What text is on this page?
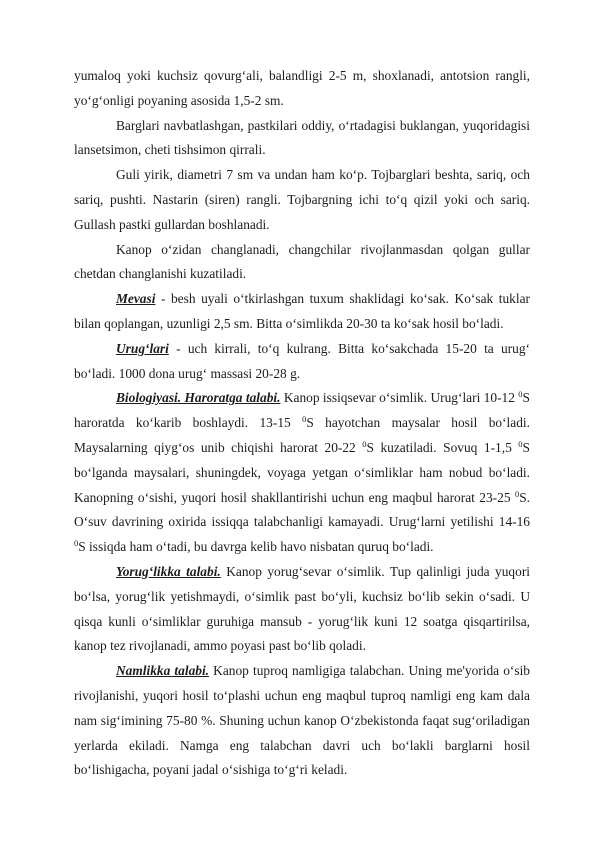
yumaloq yoki kuchsiz qovurg‘ali, balandligi 2-5 m, shoxlanadi, antotsion rangli, yo‘g‘onligi poyaning asosida 1,5-2 sm.

Barglari navbatlashgan, pastkilari oddiy, o‘rtadagisi buklangan, yuqoridagisi lansetsimon, cheti tishsimon qirrali.

Guli yirik, diametri 7 sm va undan ham ko‘p. Tojbarglari beshta, sariq, och sariq, pushti. Nastarin (siren) rangli. Tojbargning ichi to‘q qizil yoki och sariq. Gullash pastki gullardan boshlanadi.

Kanop o‘zidan changlanadi, changchilar rivojlanmasdan qolgan gullar chetdan changlanishi kuzatiladi.

Mevasi - besh uyali o‘tkirlashgan tuxum shaklidagi ko‘sak. Ko‘sak tuklar bilan qoplangan, uzunligi 2,5 sm. Bitta o‘simlikda 20-30 ta ko‘sak hosil bo‘ladi.

Urug‘lari - uch kirrali, to‘q kulrang. Bitta ko‘sakchada 15-20 ta urug‘ bo‘ladi. 1000 dona urug‘ massasi 20-28 g.

Biologiyasi. Haroratga talabi. Kanop issiqsevar o‘simlik. Urug‘lari 10-12 $^0$S haroratda ko‘karib boshlaydi. 13-15 $^0$S hayotchan maysalar hosil bo‘ladi. Maysalarning qiyg‘os unib chiqishi harorat 20-22 $^0$S kuzatiladi. Sovuq 1-1,5 $^0$S bo‘lganda maysalari, shuningdek, voyaga yetgan o‘simliklar ham nobud bo‘ladi. Kanopning o‘sishi, yuqori hosil shakllantirishi uchun eng maqbul harorat 23-25 $^0$S. O‘suv davrining oxirida issiqqa talabchanligi kamayadi. Urug‘larni yetilishi 14-16 $^0$S issiqda ham o‘tadi, bu davrga kelib havo nisbatan quruq bo‘ladi.

Yorug‘likka talabi. Kanop yorug‘sevar o‘simlik. Tup qalinligi juda yuqori bo‘lsa, yorug‘lik yetishmaydi, o‘simlik past bo‘yli, kuchsiz bo‘lib sekin o‘sadi. U qisqa kunli o‘simliklar guruhiga mansub - yorug‘lik kuni 12 soatga qisqartirilsa, kanop tez rivojlanadi, ammo poyasi past bo‘lib qoladi.

Namlikka talabi. Kanop tuproq namligiga talabchan. Uning me'yorida o‘sib rivojlanishi, yuqori hosil to‘plashi uchun eng maqbul tuproq namligi eng kam dala nam sig‘imining 75-80 %. Shuning uchun kanop O‘zbekistonda faqat sug‘oriladigan yerlarda ekiladi. Namga eng talabchan davri uch bo‘lakli barglarni hosil bo‘lishigacha, poyani jadal o‘sishiga to‘g‘ri keladi.
